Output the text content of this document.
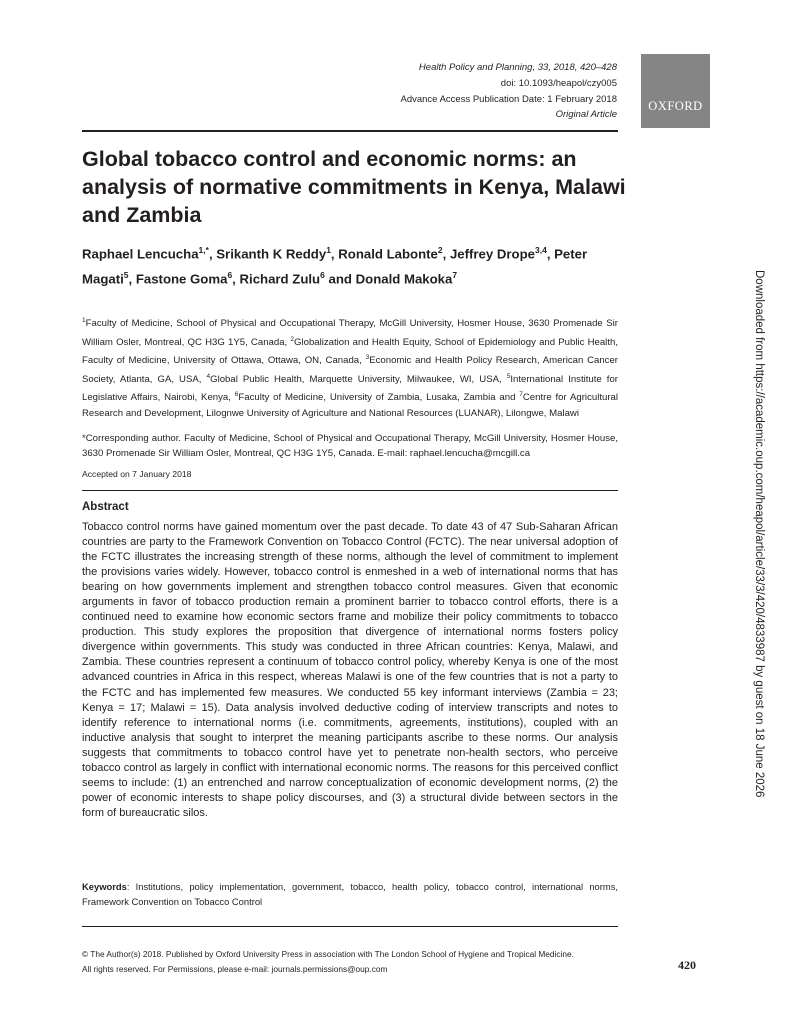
Health Policy and Planning, 33, 2018, 420–428
doi: 10.1093/heapol/czy005
Advance Access Publication Date: 1 February 2018
Original Article
OXFORD
Global tobacco control and economic norms: an analysis of normative commitments in Kenya, Malawi and Zambia

Raphael Lencucha$^{1,*}$, Srikanth K Reddy$^1$, Ronald Labonte$^2$, Jeffrey Drope$^{3,4}$, Peter Magati$^5$, Fastone Goma$^6$, Richard Zulu$^6$ and Donald Makoka$^7$

$^1$Faculty of Medicine, School of Physical and Occupational Therapy, McGill University, Hosmer House, 3630 Promenade Sir William Osler, Montreal, QC H3G 1Y5, Canada, $^2$Globalization and Health Equity, School of Epidemiology and Public Health, Faculty of Medicine, University of Ottawa, Ottawa, ON, Canada, $^3$Economic and Health Policy Research, American Cancer Society, Atlanta, GA, USA, $^4$Global Public Health, Marquette University, Milwaukee, WI, USA, $^5$International Institute for Legislative Affairs, Nairobi, Kenya, $^6$Faculty of Medicine, University of Zambia, Lusaka, Zambia and $^7$Centre for Agricultural Research and Development, Lilognwe University of Agriculture and National Resources (LUANAR), Lilongwe, Malawi

*Corresponding author. Faculty of Medicine, School of Physical and Occupational Therapy, McGill University, Hosmer House, 3630 Promenade Sir William Osler, Montreal, QC H3G 1Y5, Canada. E-mail: raphael.lencucha@mcgill.ca

Accepted on 7 January 2018

Abstract

Tobacco control norms have gained momentum over the past decade. To date 43 of 47 Sub-Saharan African countries are party to the Framework Convention on Tobacco Control (FCTC). The near universal adoption of the FCTC illustrates the increasing strength of these norms, although the level of commitment to implement the provisions varies widely. However, tobacco control is enmeshed in a web of international norms that has bearing on how governments implement and strengthen tobacco control measures. Given that economic arguments in favor of tobacco production remain a prominent barrier to tobacco control efforts, there is a continued need to examine how economic sectors frame and mobilize their policy commitments to tobacco production. This study explores the proposition that divergence of international norms fosters policy divergence within governments. This study was conducted in three African countries: Kenya, Malawi, and Zambia. These countries represent a continuum of tobacco control policy, whereby Kenya is one of the most advanced countries in Africa in this respect, whereas Malawi is one of the few countries that is not a party to the FCTC and has implemented few measures. We conducted 55 key informant interviews (Zambia = 23; Kenya = 17; Malawi = 15). Data analysis involved deductive coding of interview transcripts and notes to identify reference to international norms (i.e. commitments, agreements, institutions), coupled with an inductive analysis that sought to interpret the meaning participants ascribe to these norms. Our analysis suggests that commitments to tobacco control have yet to penetrate non-health sectors, who perceive tobacco control as largely in conflict with international economic norms. The reasons for this perceived conflict seems to include: (1) an entrenched and narrow conceptualization of economic development norms, (2) the power of economic interests to shape policy discourses, and (3) a structural divide between sectors in the form of bureaucratic silos.

Keywords: Institutions, policy implementation, government, tobacco, health policy, tobacco control, international norms, Framework Convention on Tobacco Control

© The Author(s) 2018. Published by Oxford University Press in association with The London School of Hygiene and Tropical Medicine.
All rights reserved. For Permissions, please e-mail: journals.permissions@oup.com	420

Downloaded from https://academic.oup.com/heapol/article/33/3/420/4833987 by guest on 18 June 2026
